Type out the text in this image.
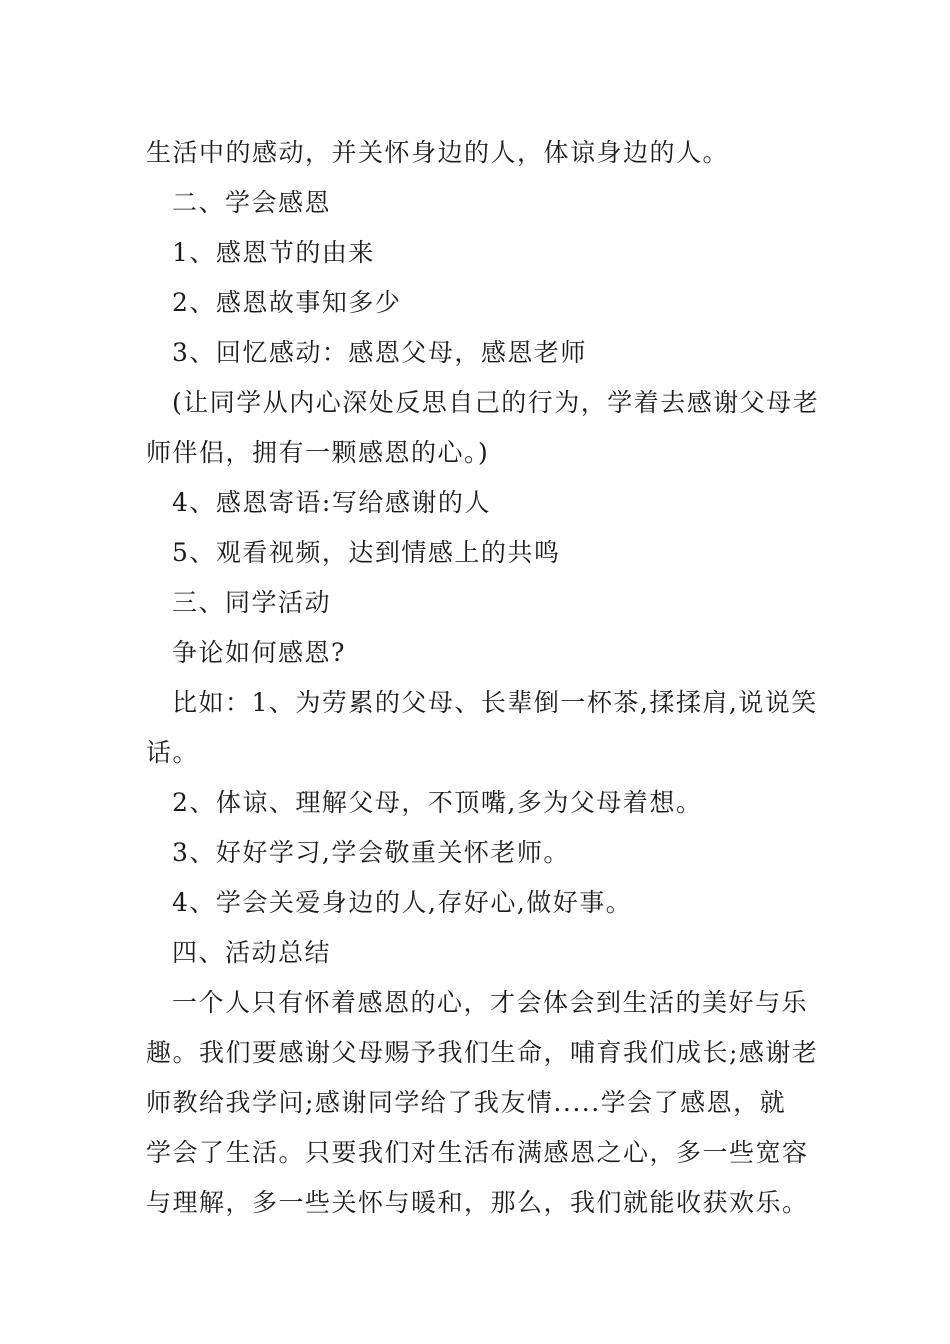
生活中的感动，并关怀身边的人，体谅身边的人。
二、学会感恩
1、感恩节的由来
2、感恩故事知多少
3、回忆感动：感恩父母，感恩老师
(让同学从内心深处反思自己的行为，学着去感谢父母老
师伴侣，拥有一颗感恩的心。)
4、感恩寄语:写给感谢的人
5、观看视频，达到情感上的共鸣
三、同学活动
争论如何感恩?
比如：1、为劳累的父母、长辈倒一杯茶,揉揉肩,说说笑
话。
2、体谅、理解父母，不顶嘴,多为父母着想。
3、好好学习,学会敬重关怀老师。
4、学会关爱身边的人,存好心,做好事。
四、活动总结
一个人只有怀着感恩的心，才会体会到生活的美好与乐
趣。我们要感谢父母赐予我们生命，哺育我们成长;感谢老
师教给我学问;感谢同学给了我友情.....学会了感恩，就
学会了生活。只要我们对生活布满感恩之心，多一些宽容
与理解，多一些关怀与暖和，那么，我们就能收获欢乐。
